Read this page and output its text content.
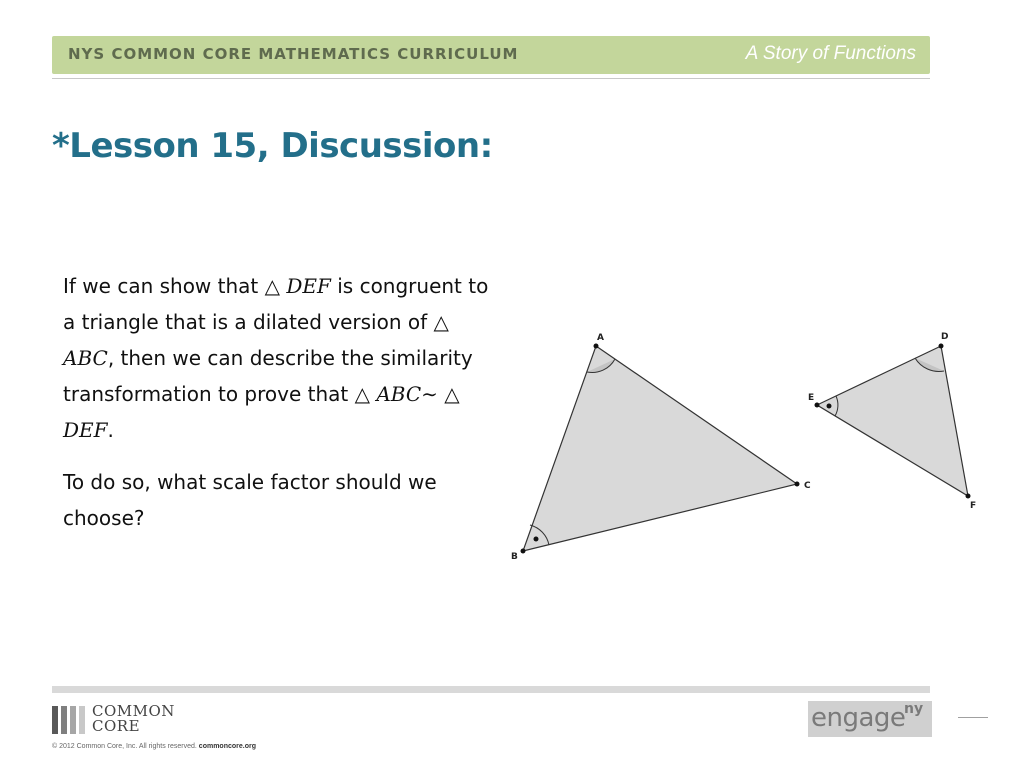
NYS COMMON CORE MATHEMATICS CURRICULUM	A Story of Functions
*Lesson 15, Discussion:

If we can show that △ DEF is congruent to a triangle that is a dilated version of △ ABC, then we can describe the similarity transformation to prove that △ ABC∼ △ DEF.

To do so, what scale factor should we choose?

A
B
C
D
E
F
COMMON
CORE
© 2012 Common Core, Inc. All rights reserved. commoncore.org
engage
ny
